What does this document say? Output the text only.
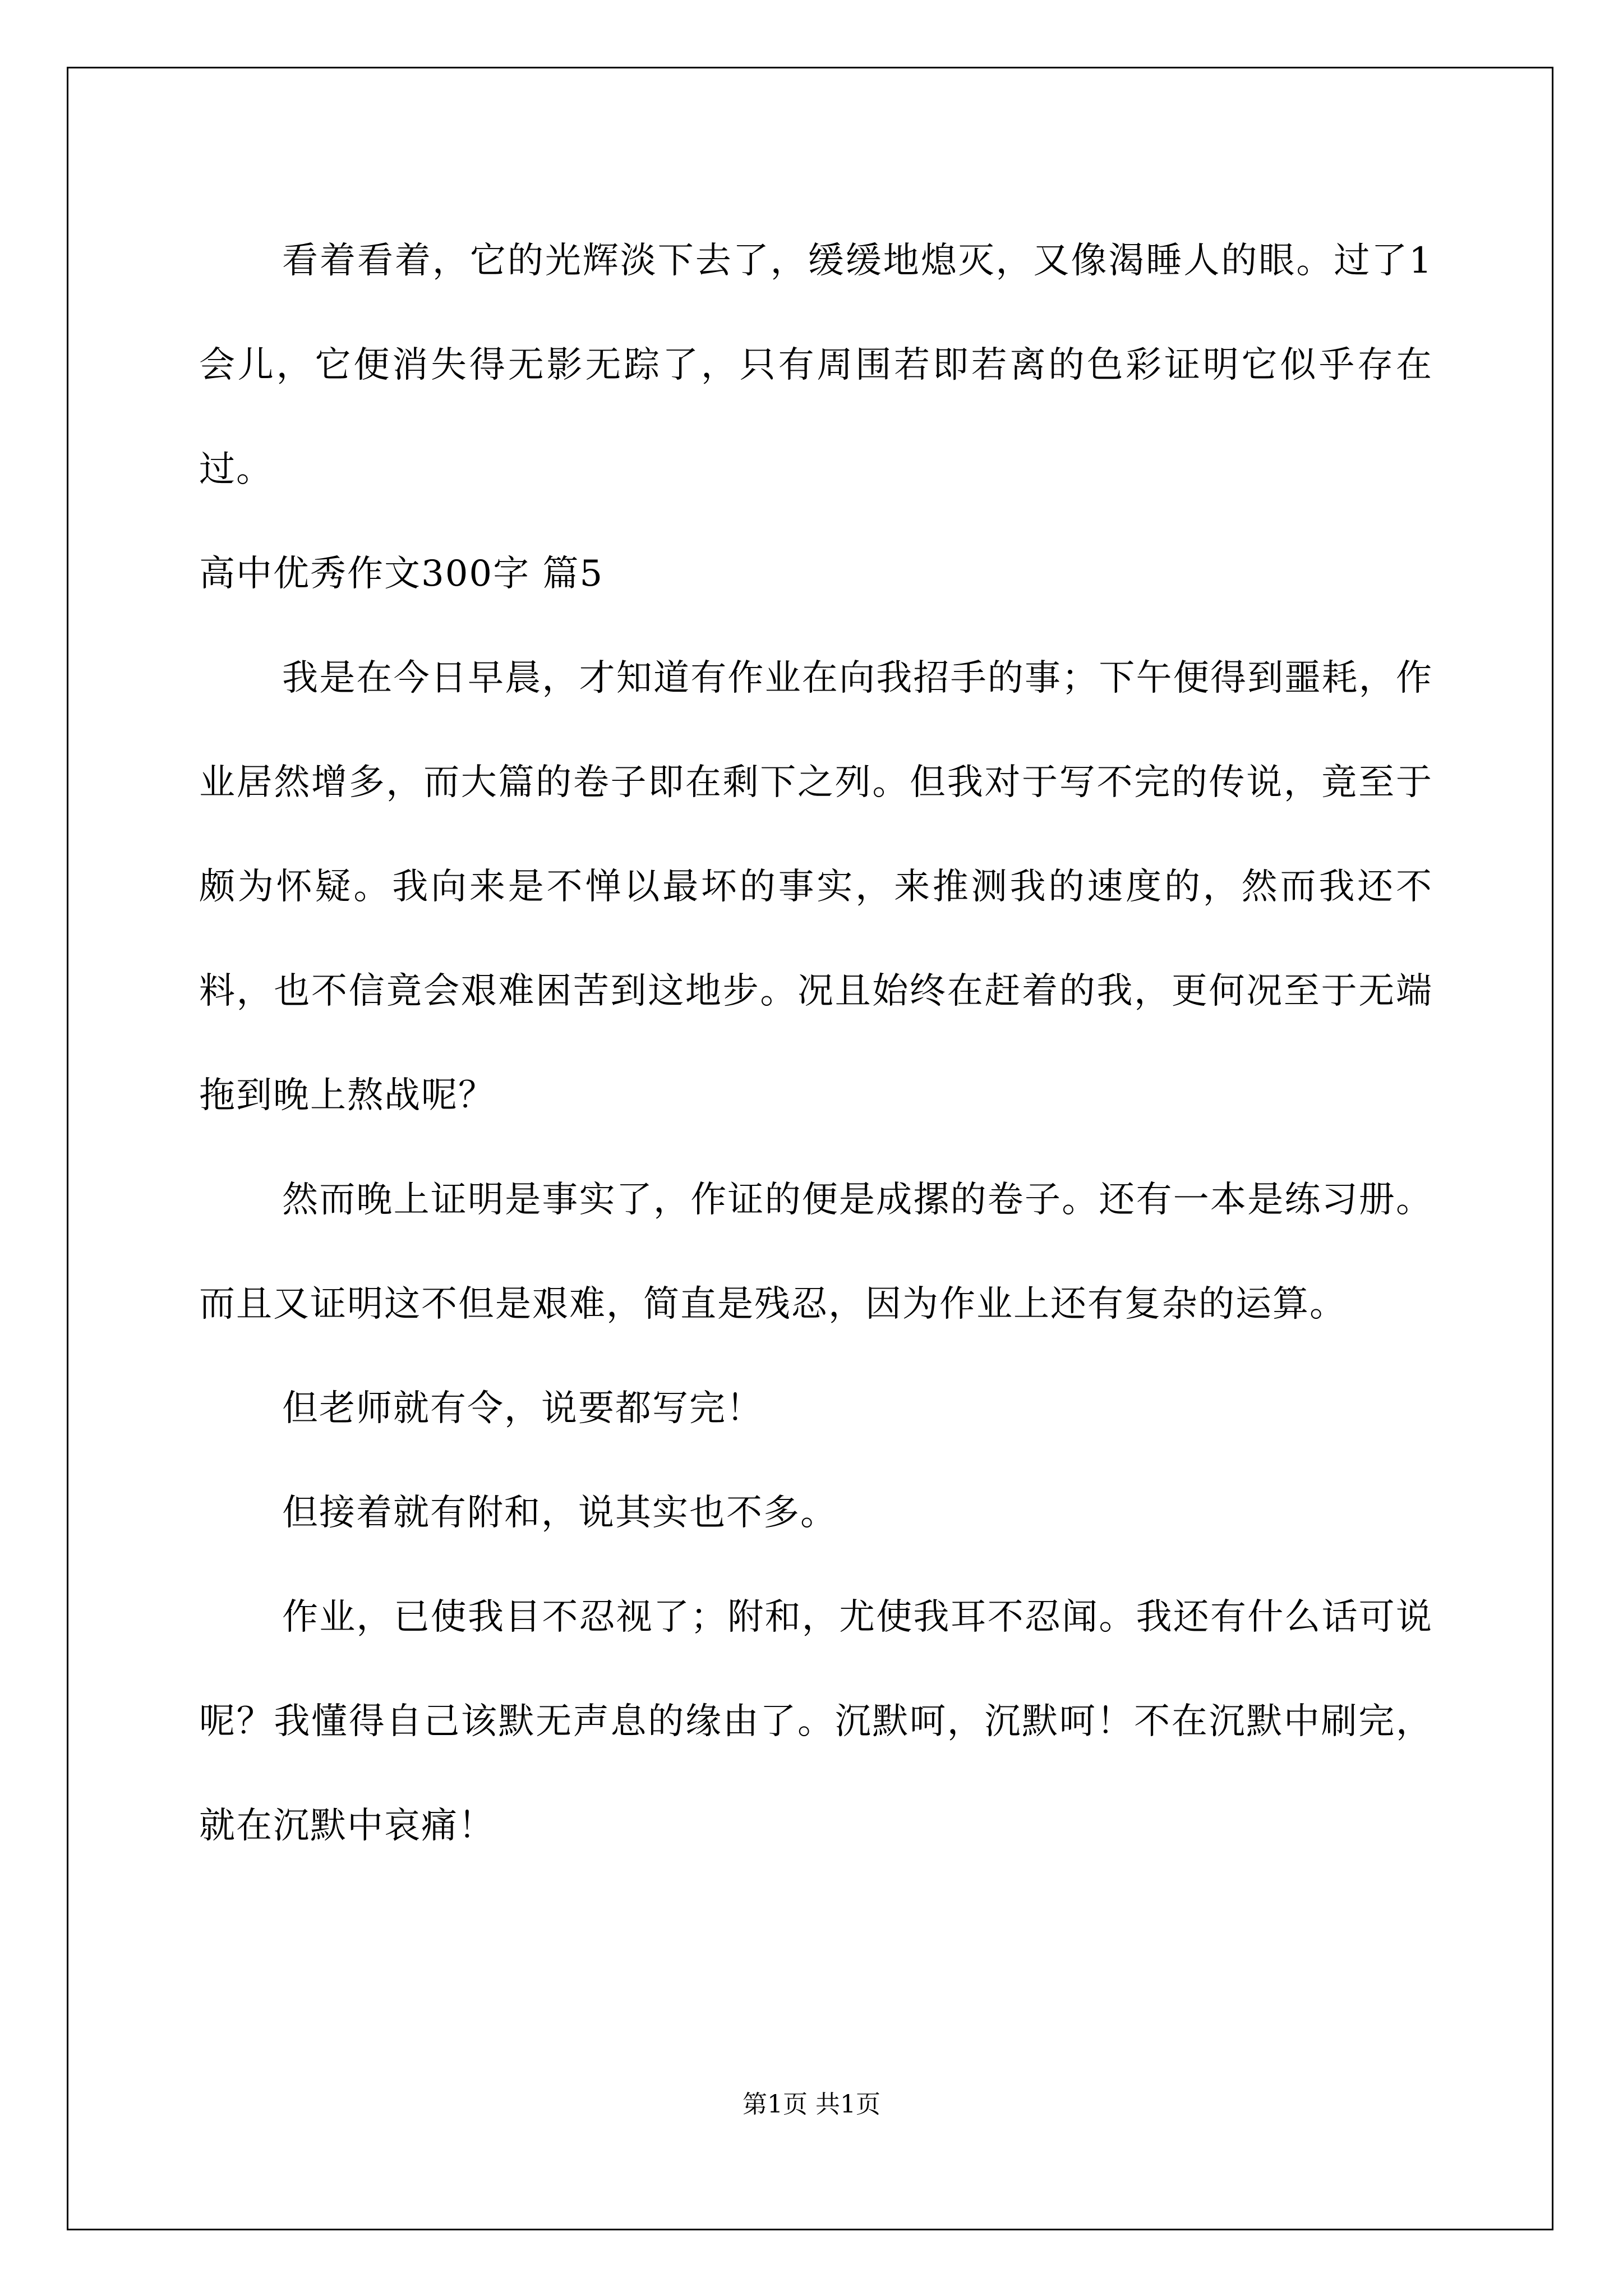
看着看着，它的光辉淡下去了，缓缓地熄灭，又像渴睡人的眼。过了1会儿，它便消失得无影无踪了，只有周围若即若离的色彩证明它似乎存在过。

高中优秀作文300字 篇5

我是在今日早晨，才知道有作业在向我招手的事；下午便得到噩耗，作业居然增多，而大篇的卷子即在剩下之列。但我对于写不完的传说，竟至于颇为怀疑。我向来是不惮以最坏的事实，来推测我的速度的，然而我还不料，也不信竟会艰难困苦到这地步。况且始终在赶着的我，更何况至于无端拖到晚上熬战呢？

然而晚上证明是事实了，作证的便是成摞的卷子。还有一本是练习册。而且又证明这不但是艰难，简直是残忍，因为作业上还有复杂的运算。

但老师就有令，说要都写完！

但接着就有附和，说其实也不多。

作业，已使我目不忍视了；附和，尤使我耳不忍闻。我还有什么话可说呢？我懂得自己该默无声息的缘由了。沉默呵，沉默呵！不在沉默中刷完，就在沉默中哀痛！

第1页 共1页
